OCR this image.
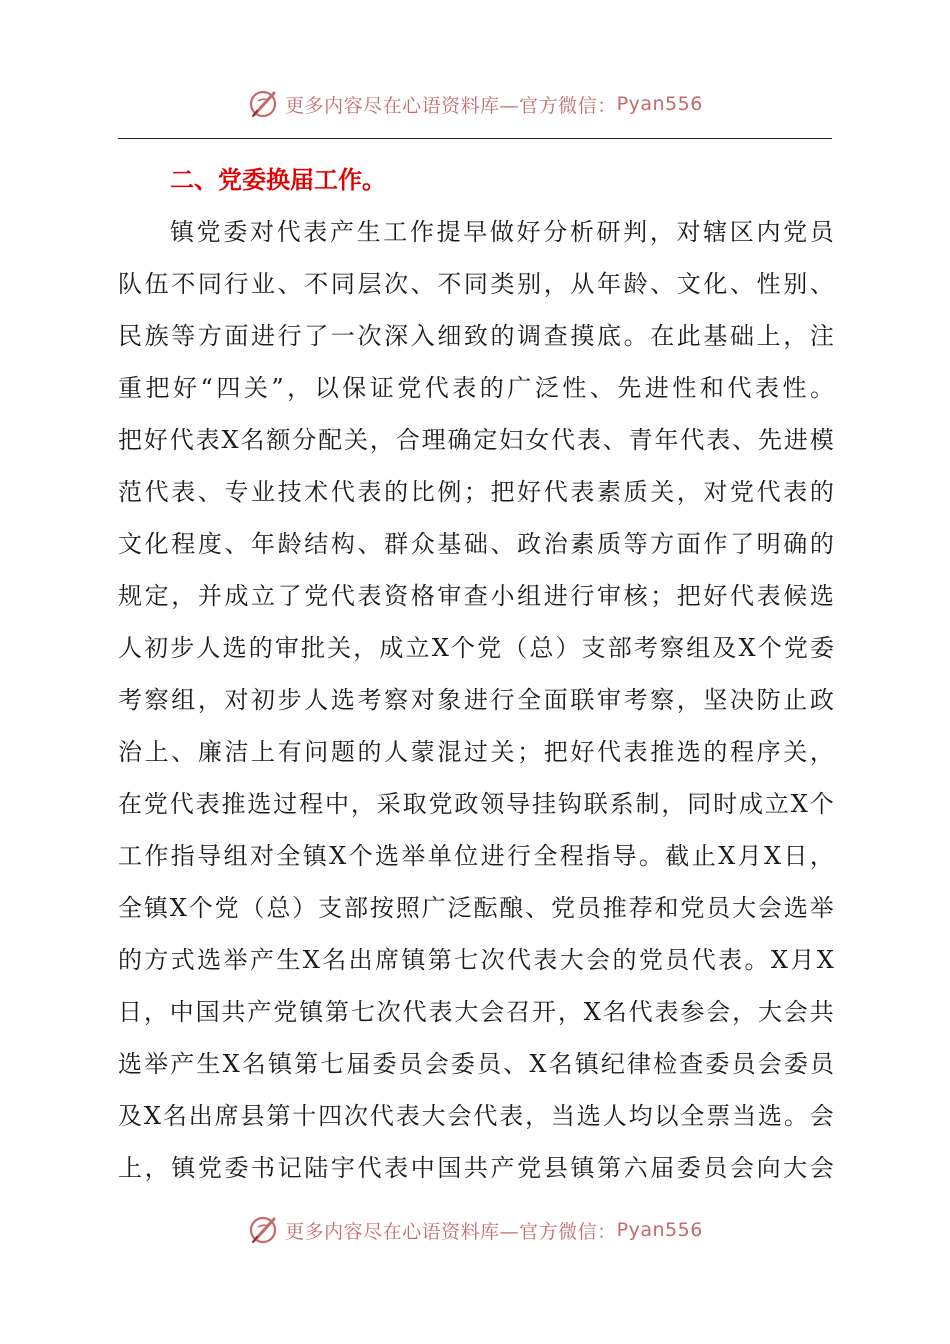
更多内容尽在心语资料库—官方微信： Pyan556
二、党委换届工作。
镇 党 委 对 代 表 产 生 工 作 提 早 做 好 分 析 研 判 ， 对 辖 区 内 党 员
队 伍 不 同 行 业 、 不 同 层 次 、 不 同 类 别 ， 从 年 龄 、 文 化 、 性 别 、
民 族 等 方 面 进 行 了 一 次 深 入 细 致 的 调 查 摸 底 。 在 此 基 础 上 ， 注
重 把 好 “ 四 关 ” ， 以 保 证 党 代 表 的 广 泛 性 、 先 进 性 和 代 表 性 。
把 好 代 表 X 名 额 分 配 关 ， 合 理 确 定 妇 女 代 表 、 青 年 代 表 、 先 进 模
范 代 表 、 专 业 技 术 代 表 的 比 例 ； 把 好 代 表 素 质 关 ， 对 党 代 表 的
文 化 程 度 、 年 龄 结 构 、 群 众 基 础 、 政 治 素 质 等 方 面 作 了 明 确 的
规 定 ， 并 成 立 了 党 代 表 资 格 审 查 小 组 进 行 审 核 ； 把 好 代 表 候 选
人 初 步 人 选 的 审 批 关 ， 成 立 X 个 党 （ 总 ） 支 部 考 察 组 及 X 个 党 委
考 察 组 ， 对 初 步 人 选 考 察 对 象 进 行 全 面 联 审 考 察 ， 坚 决 防 止 政
治 上 、 廉 洁 上 有 问 题 的 人 蒙 混 过 关 ； 把 好 代 表 推 选 的 程 序 关 ，
在 党 代 表 推 选 过 程 中 ， 采 取 党 政 领 导 挂 钩 联 系 制 ， 同 时 成 立 X 个
工 作 指 导 组 对 全 镇 X 个 选 举 单 位 进 行 全 程 指 导 。 截 止 X 月 X 日 ，
全 镇 X 个 党 （ 总 ） 支 部 按 照 广 泛 酝 酿 、 党 员 推 荐 和 党 员 大 会 选 举
的 方 式 选 举 产 生 X 名 出 席 镇 第 七 次 代 表 大 会 的 党 员 代 表 。 X 月 X
日 ， 中 国 共 产 党 镇 第 七 次 代 表 大 会 召 开 ， X 名 代 表 参 会 ， 大 会 共
选 举 产 生 X 名 镇 第 七 届 委 员 会 委 员 、 X 名 镇 纪 律 检 查 委 员 会 委 员
及 X 名 出 席 县 第 十 四 次 代 表 大 会 代 表 ， 当 选 人 均 以 全 票 当 选 。 会
上 ， 镇 党 委 书 记 陆 宇 代 表 中 国 共 产 党 县 镇 第 六 届 委 员 会 向 大 会
更多内容尽在心语资料库—官方微信： Pyan556
